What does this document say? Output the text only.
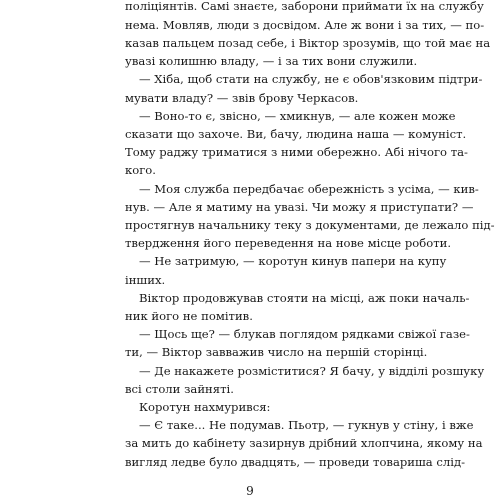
поліціянтів. Самі знаєте, заборони приймати їх на службу
нема. Мовляв, люди з досвідом. Але ж вони і за тих, — по-
казав пальцем позад себе, і Віктор зрозумів, що той має на
увазі колишню владу, — і за тих вони служили.
— Хіба, щоб стати на службу, не є обов'язковим підтри-
мувати владу? — звів брову Черкасов.
— Воно-то є, звісно, — хмикнув, — але кожен може
сказати що захоче. Ви, бачу, людина наша — комуніст.
Тому раджу триматися з ними обережно. Абі нічого та-
кого.
— Моя служба передбачає обережність з усіма, — кив-
нув. — Але я матиму на увазі. Чи можу я приступати? —
простягнув начальнику теку з документами, де лежало під-
твердження його переведення на нове місце роботи.
— Не затримую, — коротун кинув папери на купу
інших.
Віктор продовжував стояти на місці, аж поки началь-
ник його не помітив.
— Щось ще? — блукав поглядом рядками свіжої газе-
ти, — Віктор завважив число на першій сторінці.
— Де накажете розміститися? Я бачу, у відділі розшуку
всі столи зайняті.
Коротун нахмурився:
— Є таке... Не подумав. Пьотр, — гукнув у стіну, і вже
за мить до кабінету зазирнув дрібний хлопчина, якому на
вигляд ледве було двадцять, — проведи товариша слід-
9
